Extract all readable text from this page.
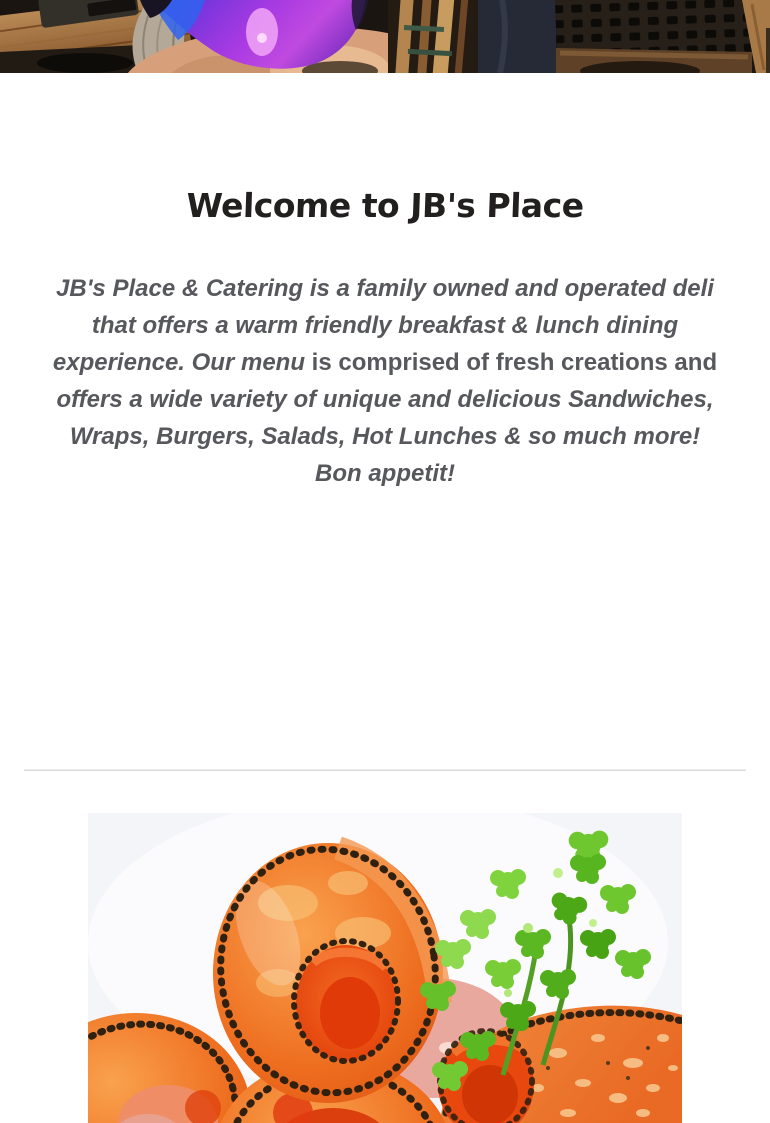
Welcome to JB's Place

JB's Place & Catering is a family owned and operated deli that offers a warm friendly breakfast & lunch dining experience. Our menu is comprised of fresh creations and offers a wide variety of unique and delicious Sandwiches, Wraps, Burgers, Salads, Hot Lunches & so much more!
Bon appetit!
